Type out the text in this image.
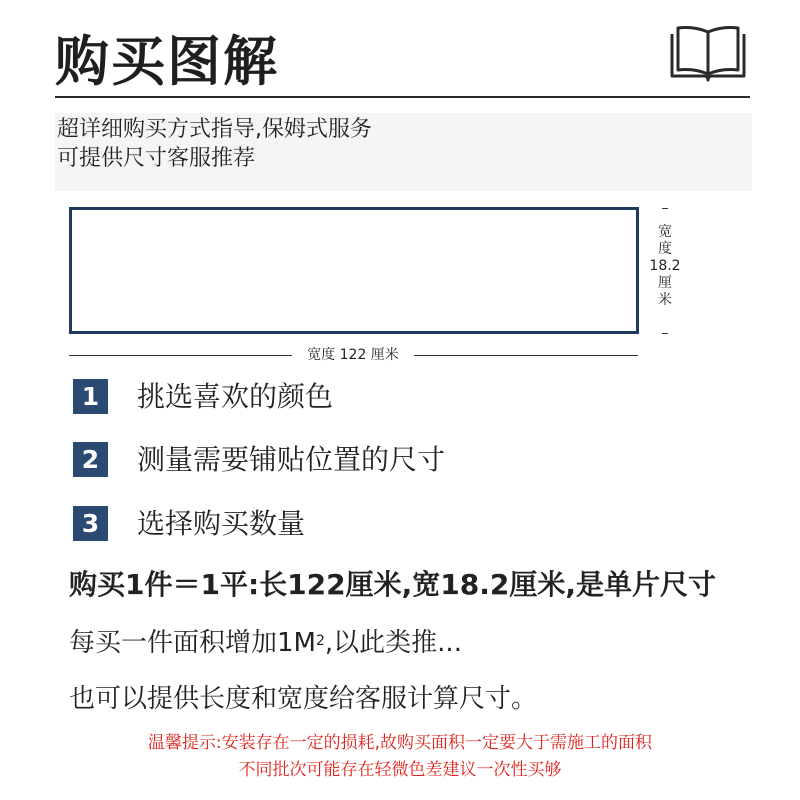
购买图解
超详细购买方式指导,保姆式服务
可提供尺寸客服推荐
宽
度
18.2
厘
米
宽度 122 厘米
1	挑选喜欢的颜色
2	测量需要铺贴位置的尺寸
3	选择购买数量
购买1件＝1平:长122厘米,宽18.2厘米,是单片尺寸
每买一件面积增加$1M^2$,以此类推...
也可以提供长度和宽度给客服计算尺寸。
温馨提示:安装存在一定的损耗,故购买面积一定要大于需施工的面积
不同批次可能存在轻微色差建议一次性买够
